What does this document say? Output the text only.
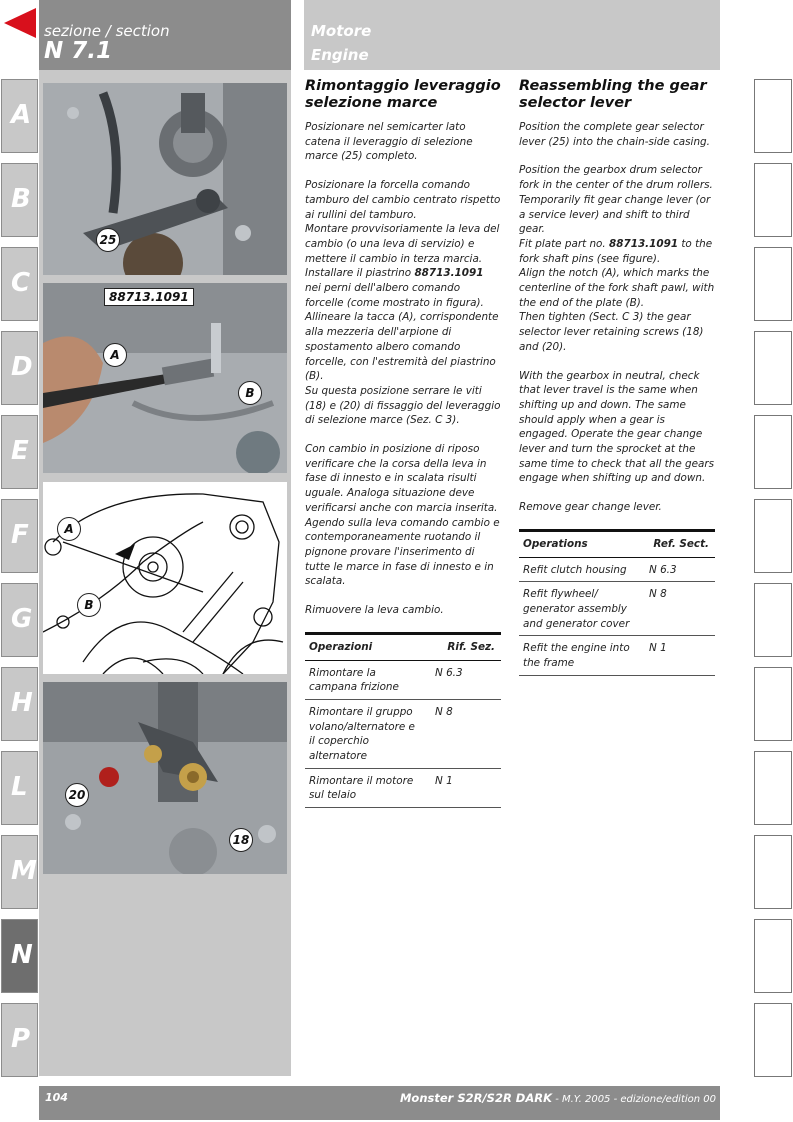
sezione / section
N 7.1
Motore
Engine
A
B
C
D
E
F
G
H
L
M
N
P
25
88713.1091
A
B
A
B
20
18
Rimontaggio leveraggio selezione marce

Posizionare nel semicarter lato catena il leveraggio di selezione marce (25) completo.

Posizionare la forcella comando tamburo del cambio centrato rispetto ai rullini del tamburo.

Montare provvisoriamente la leva del cambio (o una leva di servizio) e mettere il cambio in terza marcia. Installare il piastrino 88713.1091 nei perni dell'albero comando forcelle (come mostrato in figura).

Allineare la tacca (A), corrispondente alla mezzeria dell'arpione di spostamento albero comando forcelle, con l'estremità del piastrino (B).

Su questa posizione serrare le viti (18) e (20) di fissaggio del leveraggio di selezione marce (Sez. C 3).

Con cambio in posizione di riposo verificare che la corsa della leva in fase di innesto e in scalata risulti uguale. Analoga situazione deve verificarsi anche con marcia inserita. Agendo sulla leva comando cambio e contemporaneamente ruotando il pignone provare l'inserimento di tutte le marce in fase di innesto e in scalata.

Rimuovere la leva cambio.

Operazioni	Rif. Sez.
Rimontare la campana frizione	N 6.3
Rimontare il gruppo volano/alternatore e il coperchio alternatore	N 8
Rimontare il motore sul telaio	N 1
Reassembling the gear selector lever

Position the complete gear selector lever (25) into the chain-side casing.

Position the gearbox drum selector fork in the center of the drum rollers. Temporarily fit gear change lever (or a service lever) and shift to third gear.

Fit plate part no. 88713.1091 to the fork shaft pins (see figure).

Align the notch (A), which marks the centerline of the fork shaft pawl, with the end of the plate (B).

Then tighten (Sect. C 3) the gear selector lever retaining screws (18) and (20).

With the gearbox in neutral, check that lever travel is the same when shifting up and down. The same should apply when a gear is engaged. Operate the gear change lever and turn the sprocket at the same time to check that all the gears engage when shifting up and down.

Remove gear change lever.

Operations	Ref. Sect.
Refit clutch housing	N 6.3
Refit flywheel/ generator assembly and generator cover	N 8
Refit the engine into the frame	N 1
104	Monster S2R/S2R DARK - M.Y. 2005 - edizione/edition 00
